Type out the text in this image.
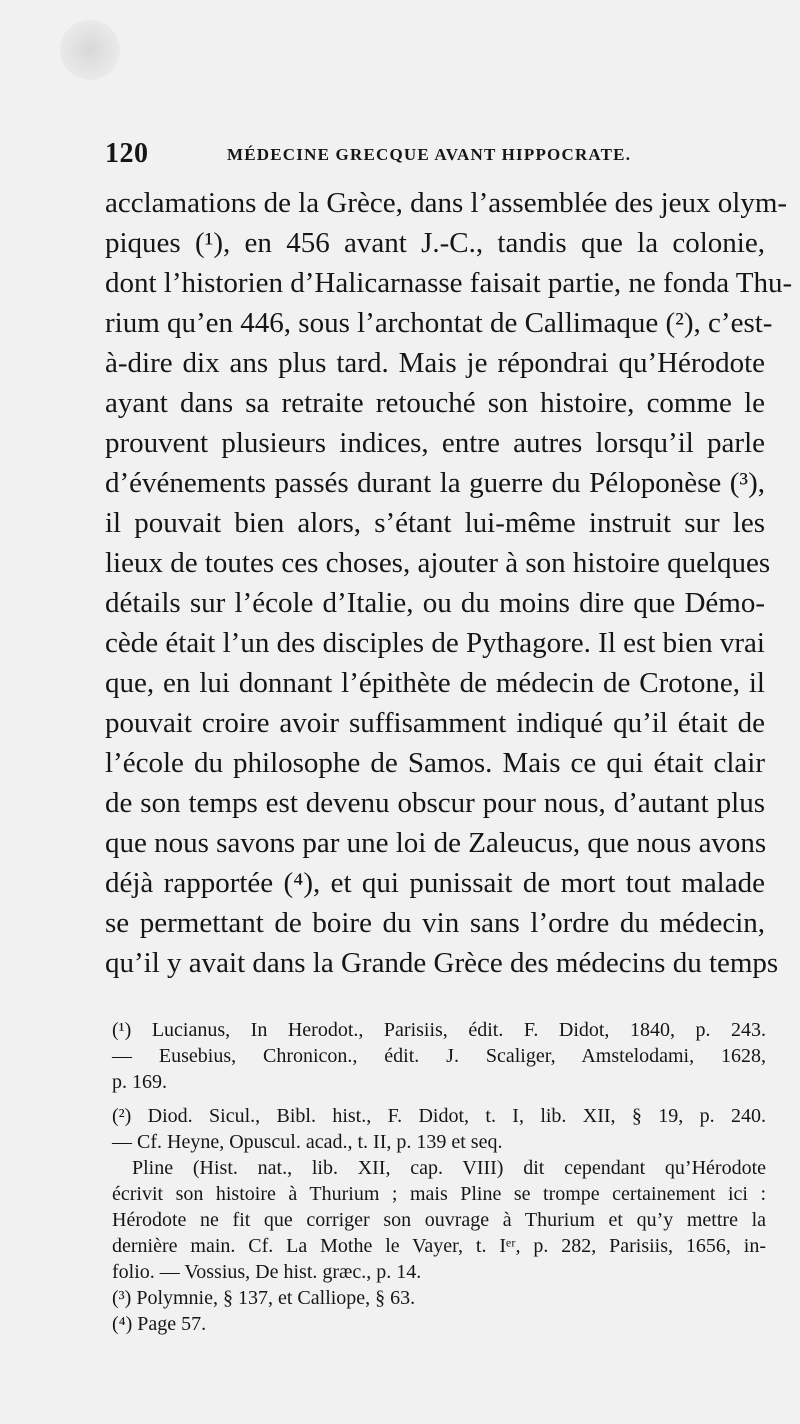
120	MÉDECINE GRECQUE AVANT HIPPOCRATE.
acclamations de la Grèce, dans l’assemblée des jeux olym-
piques (¹), en 456 avant J.-C., tandis que la colonie,
dont l’historien d’Halicarnasse faisait partie, ne fonda Thu-
rium qu’en 446, sous l’archontat de Callimaque (²), c’est-
à-dire dix ans plus tard. Mais je répondrai qu’Hérodote
ayant dans sa retraite retouché son histoire, comme le
prouvent plusieurs indices, entre autres lorsqu’il parle
d’événements passés durant la guerre du Péloponèse (³),
il pouvait bien alors, s’étant lui-même instruit sur les
lieux de toutes ces choses, ajouter à son histoire quelques
détails sur l’école d’Italie, ou du moins dire que Démo-
cède était l’un des disciples de Pythagore. Il est bien vrai
que, en lui donnant l’épithète de médecin de Crotone, il
pouvait croire avoir suffisamment indiqué qu’il était de
l’école du philosophe de Samos. Mais ce qui était clair
de son temps est devenu obscur pour nous, d’autant plus
que nous savons par une loi de Zaleucus, que nous avons
déjà rapportée (⁴), et qui punissait de mort tout malade
se permettant de boire du vin sans l’ordre du médecin,
qu’il y avait dans la Grande Grèce des médecins du temps
(¹) Lucianus, In Herodot., Parisiis, édit. F. Didot, 1840, p. 243.
— Eusebius, Chronicon., édit. J. Scaliger, Amstelodami, 1628,
p. 169.
(²) Diod. Sicul., Bibl. hist., F. Didot, t. I, lib. XII, § 19, p. 240.
— Cf. Heyne, Opuscul. acad., t. II, p. 139 et seq.
Pline (Hist. nat., lib. XII, cap. VIII) dit cependant qu’Hérodote
écrivit son histoire à Thurium ; mais Pline se trompe certainement ici :
Hérodote ne fit que corriger son ouvrage à Thurium et qu’y mettre la
dernière main. Cf. La Mothe le Vayer, t. Iᵉʳ, p. 282, Parisiis, 1656, in-
folio. — Vossius, De hist. græc., p. 14.
(³) Polymnie, § 137, et Calliope, § 63.
(⁴) Page 57.
